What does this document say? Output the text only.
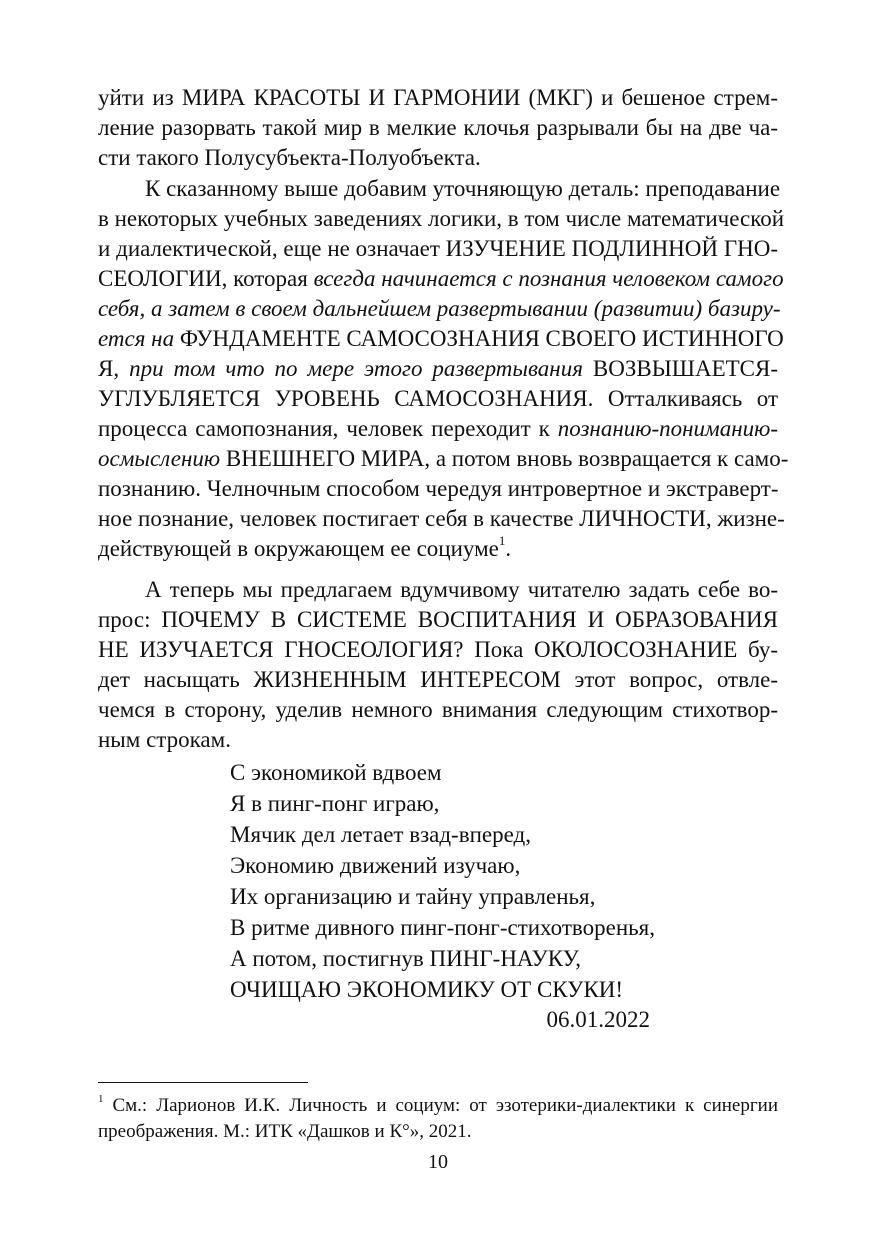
уйти из МИРА КРАСОТЫ И ГАРМОНИИ (МКГ) и бешеное стрем-
ление разорвать такой мир в мелкие клочья разрывали бы на две ча-
сти такого Полусубъекта-Полуобъекта.
К сказанному выше добавим уточняющую деталь: преподавание
в некоторых учебных заведениях логики, в том числе математической
и диалектической, еще не означает ИЗУЧЕНИЕ ПОДЛИННОЙ ГНО-
СЕОЛОГИИ, которая всегда начинается с познания человеком самого
себя, а затем в своем дальнейшем развертывании (развитии) базиру-
ется на ФУНДАМЕНТЕ САМОСОЗНАНИЯ СВОЕГО ИСТИННОГО
Я, при том что по мере этого развертывания ВОЗВЫШАЕТСЯ-
УГЛУБЛЯЕТСЯ УРОВЕНЬ САМОСОЗНАНИЯ. Отталкиваясь от
процесса самопознания, человек переходит к познанию-пониманию-
осмыслению ВНЕШНЕГО МИРА, а потом вновь возвращается к само-
познанию. Челночным способом чередуя интровертное и экстраверт-
ное познание, человек постигает себя в качестве ЛИЧНОСТИ, жизне-
действующей в окружающем ее социуме$^1$.
А теперь мы предлагаем вдумчивому читателю задать себе во-
прос: ПОЧЕМУ В СИСТЕМЕ ВОСПИТАНИЯ И ОБРАЗОВАНИЯ
НЕ ИЗУЧАЕТСЯ ГНОСЕОЛОГИЯ? Пока ОКОЛОСОЗНАНИЕ бу-
дет насыщать ЖИЗНЕННЫМ ИНТЕРЕСОМ этот вопрос, отвле-
чемся в сторону, уделив немного внимания следующим стихотвор-
ным строкам.
С экономикой вдвоем
Я в пинг-понг играю,
Мячик дел летает взад-вперед,
Экономию движений изучаю,
Их организацию и тайну управленья,
В ритме дивного пинг-понг-стихотворенья,
А потом, постигнув ПИНГ-НАУКУ,
ОЧИЩАЮ ЭКОНОМИКУ ОТ СКУКИ!
06.01.2022
$^1$ См.: Ларионов И.К. Личность и социум: от эзотерики-диалектики к синергии
преображения. М.: ИТК «Дашков и К°», 2021.
10
